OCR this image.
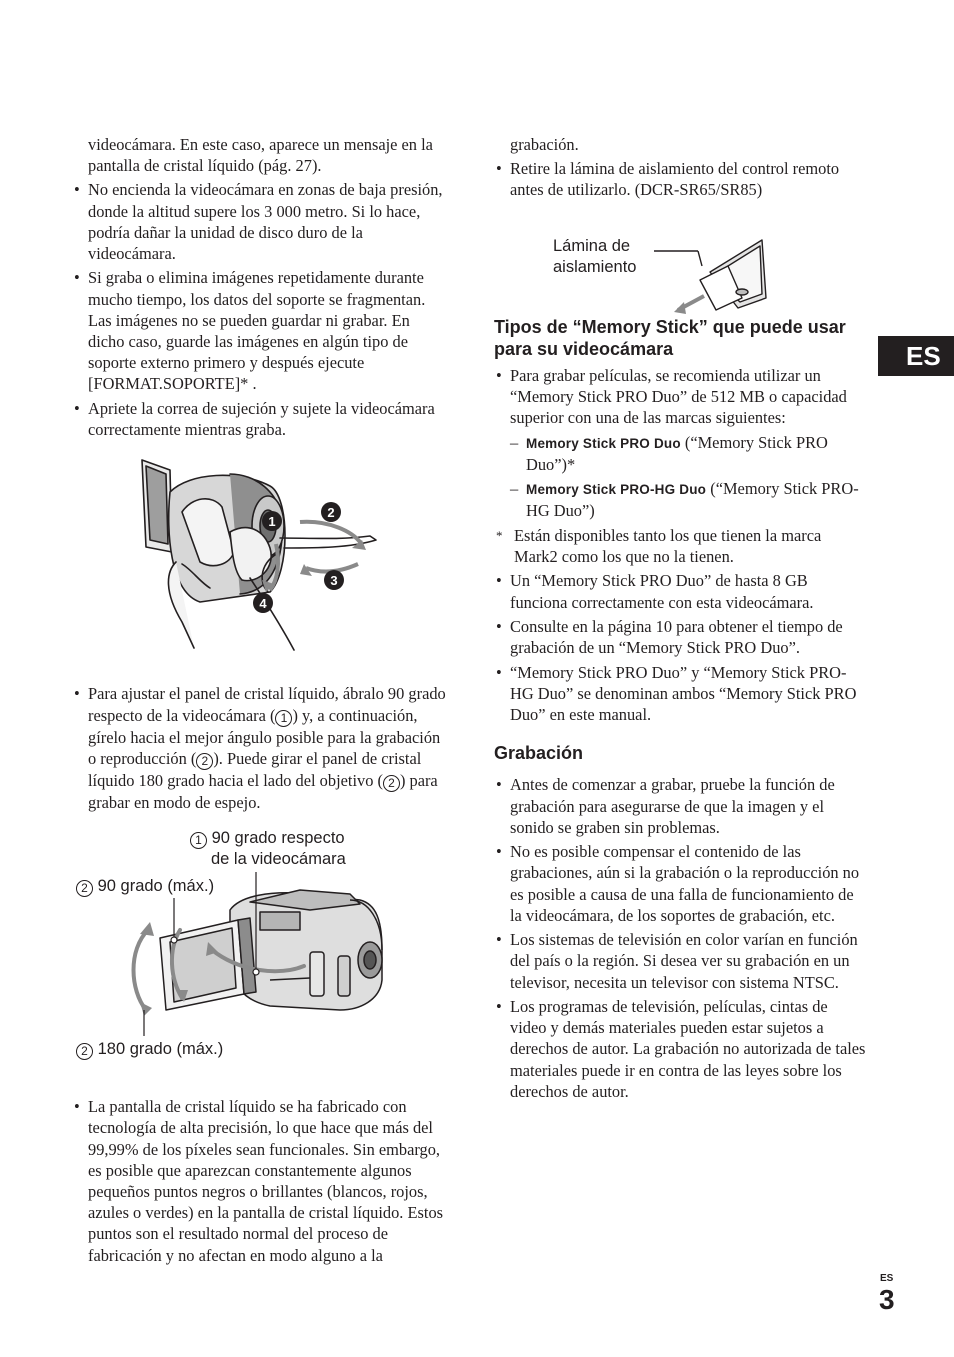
videocámara. En este caso, aparece un mensaje en la pantalla de cristal líquido (pág. 27).

• No encienda la videocámara en zonas de baja presión, donde la altitud supere los 3 000 metro. Si lo hace, podría dañar la unidad de disco duro de la videocámara.

• Si graba o elimina imágenes repetidamente durante mucho tiempo, los datos del soporte se fragmentan. Las imágenes no se pueden guardar ni grabar. En dicho caso, guarde las imágenes en algún tipo de soporte externo primero y después ejecute [FORMAT.SOPORTE]* .

• Apriete la correa de sujeción y sujete la videocámara correctamente mientras graba.

• Para ajustar el panel de cristal líquido, ábralo 90 grado respecto de la videocámara ( 1 ) y, a continuación, gírelo hacia el mejor ángulo posible para la grabación o reproducción ( 2 ). Puede girar el panel de cristal líquido 180 grado hacia el lado del objetivo ( 2 ) para grabar en modo de espejo.

• La pantalla de cristal líquido se ha fabricado con tecnología de alta precisión, lo que hace que más del 99,99% de los píxeles sean funcionales. Sin embargo, es posible que aparezcan constantemente algunos pequeños puntos negros o brillantes (blancos, rojos, azules o verdes) en la pantalla de cristal líquido. Estos puntos son el resultado normal del proceso de fabricación y no afectan en modo alguno a la

1
2
3
4
1 90 grado respecto
de la videocámara
2 90 grado (máx.)
2 180 grado (máx.)

grabación.

• Retire la lámina de aislamiento del control remoto antes de utilizarlo. (DCR-SR65/SR85)

Tipos de “Memory Stick” que puede usar para su videocámara

• Para grabar películas, se recomienda utilizar un “Memory Stick PRO Duo” de 512 MB o capacidad superior con una de las marcas siguientes:

– Memory Stick PRO Duo (“Memory Stick PRO Duo”)*

– Memory Stick PRO-HG Duo (“Memory Stick PRO-HG Duo”)

* Están disponibles tanto los que tienen la marca Mark2 como los que no la tienen.

• Un “Memory Stick PRO Duo” de hasta 8 GB funciona correctamente con esta videocámara.

• Consulte en la página 10 para obtener el tiempo de grabación de un “Memory Stick PRO Duo”.

• “Memory Stick PRO Duo” y “Memory Stick PRO-HG Duo” se denominan ambos “Memory Stick PRO Duo” en este manual.

Grabación

• Antes de comenzar a grabar, pruebe la función de grabación para asegurarse de que la imagen y el sonido se graben sin problemas.

• No es posible compensar el contenido de las grabaciones, aún si la grabación o la reproducción no es posible a causa de una falla de funcionamiento de la videocámara, de los soportes de grabación, etc.

• Los sistemas de televisión en color varían en función del país o la región. Si desea ver su grabación en un televisor, necesita un televisor con sistema NTSC.

• Los programas de televisión, películas, cintas de video y demás materiales pueden estar sujetos a derechos de autor. La grabación no autorizada de tales materiales puede ir en contra de las leyes sobre los derechos de autor.

Lámina de
aislamiento
ES
ES
3
